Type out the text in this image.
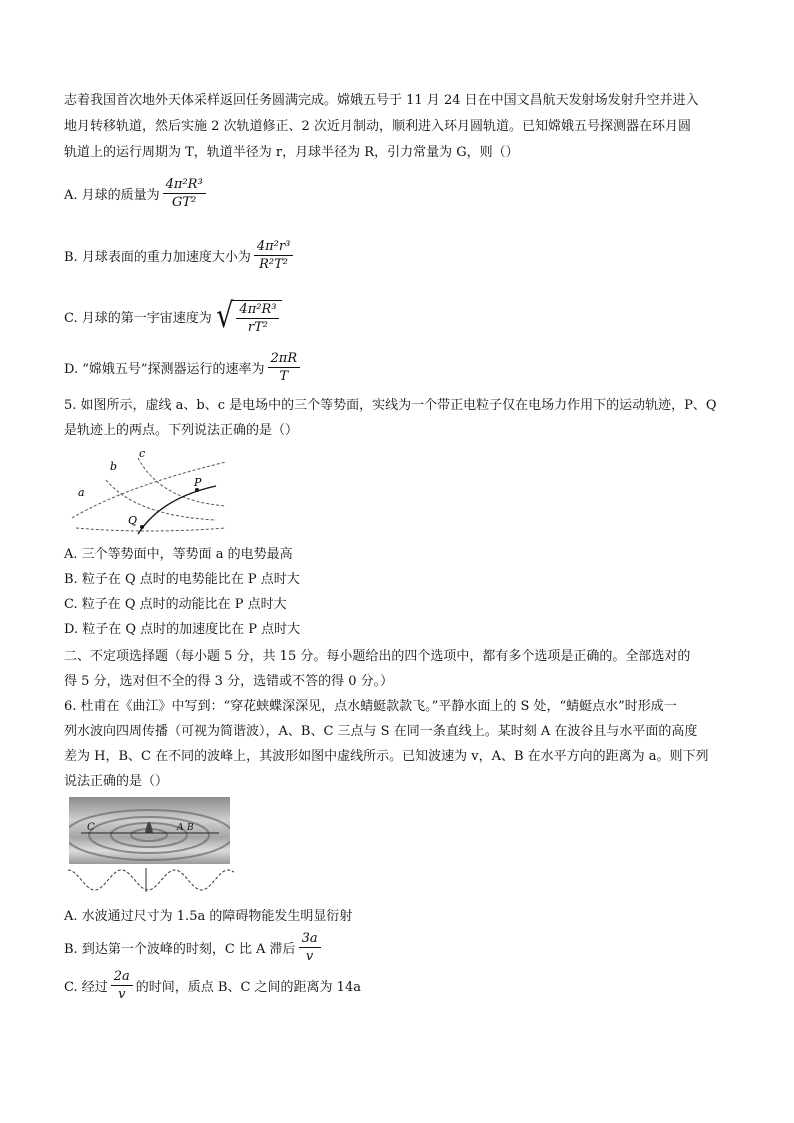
志着我国首次地外天体采样返回任务圆满完成。嫦娥五号于 11 月 24 日在中国文昌航天发射场发射升空并进入
地月转移轨道，然后实施 2 次轨道修正、2 次近月制动，顺利进入环月圆轨道。已知嫦娥五号探测器在环月圆
轨道上的运行周期为 T，轨道半径为 r，月球半径为 R，引力常量为 G，则（）
A. 月球的质量为 $\frac{\text{4π²R³}}{\text{GT²}}$
B. 月球表面的重力加速度大小为 $\frac{\text{4π²r³}}{\text{R²T²}}$
C. 月球的第一宇宙速度为 √ $\frac{\text{4π²R³}}{\text{rT²}}$
D. “嫦娥五号”探测器运行的速率为 $\frac{2\pi R}{T}$
5. 如图所示，虚线 a、b、c 是电场中的三个等势面，实线为一个带正电粒子仅在电场力作用下的运动轨迹，P、Q
是轨迹上的两点。下列说法正确的是（）
a
b
c
P
Q
A. 三个等势面中，等势面 a 的电势最高
B. 粒子在 Q 点时的电势能比在 P 点时大
C. 粒子在 Q 点时的动能比在 P 点时大
D. 粒子在 Q 点时的加速度比在 P 点时大
二、不定项选择题（每小题 5 分，共 15 分。每小题给出的四个选项中，都有多个选项是正确的。全部选对的
得 5 分，选对但不全的得 3 分，选错或不答的得 0 分。）
6. 杜甫在《曲江》中写到：“穿花蛱蝶深深见，点水蜻蜓款款飞。”平静水面上的 S 处，“蜻蜓点水”时形成一
列水波向四周传播（可视为简谐波），A、B、C 三点与 S 在同一条直线上。某时刻 A 在波谷且与水平面的高度
差为 H，B、C 在不同的波峰上，其波形如图中虚线所示。已知波速为 v，A、B 在水平方向的距离为 a。则下列
说法正确的是（）
C	A B
A. 水波通过尺寸为 1.5a 的障碍物能发生明显衍射
B. 到达第一个波峰的时刻，C 比 A 滞后 $\frac{3a}{v}$
C. 经过 $\frac{2a}{v}$ 的时间，质点 B、C 之间的距离为 14a
